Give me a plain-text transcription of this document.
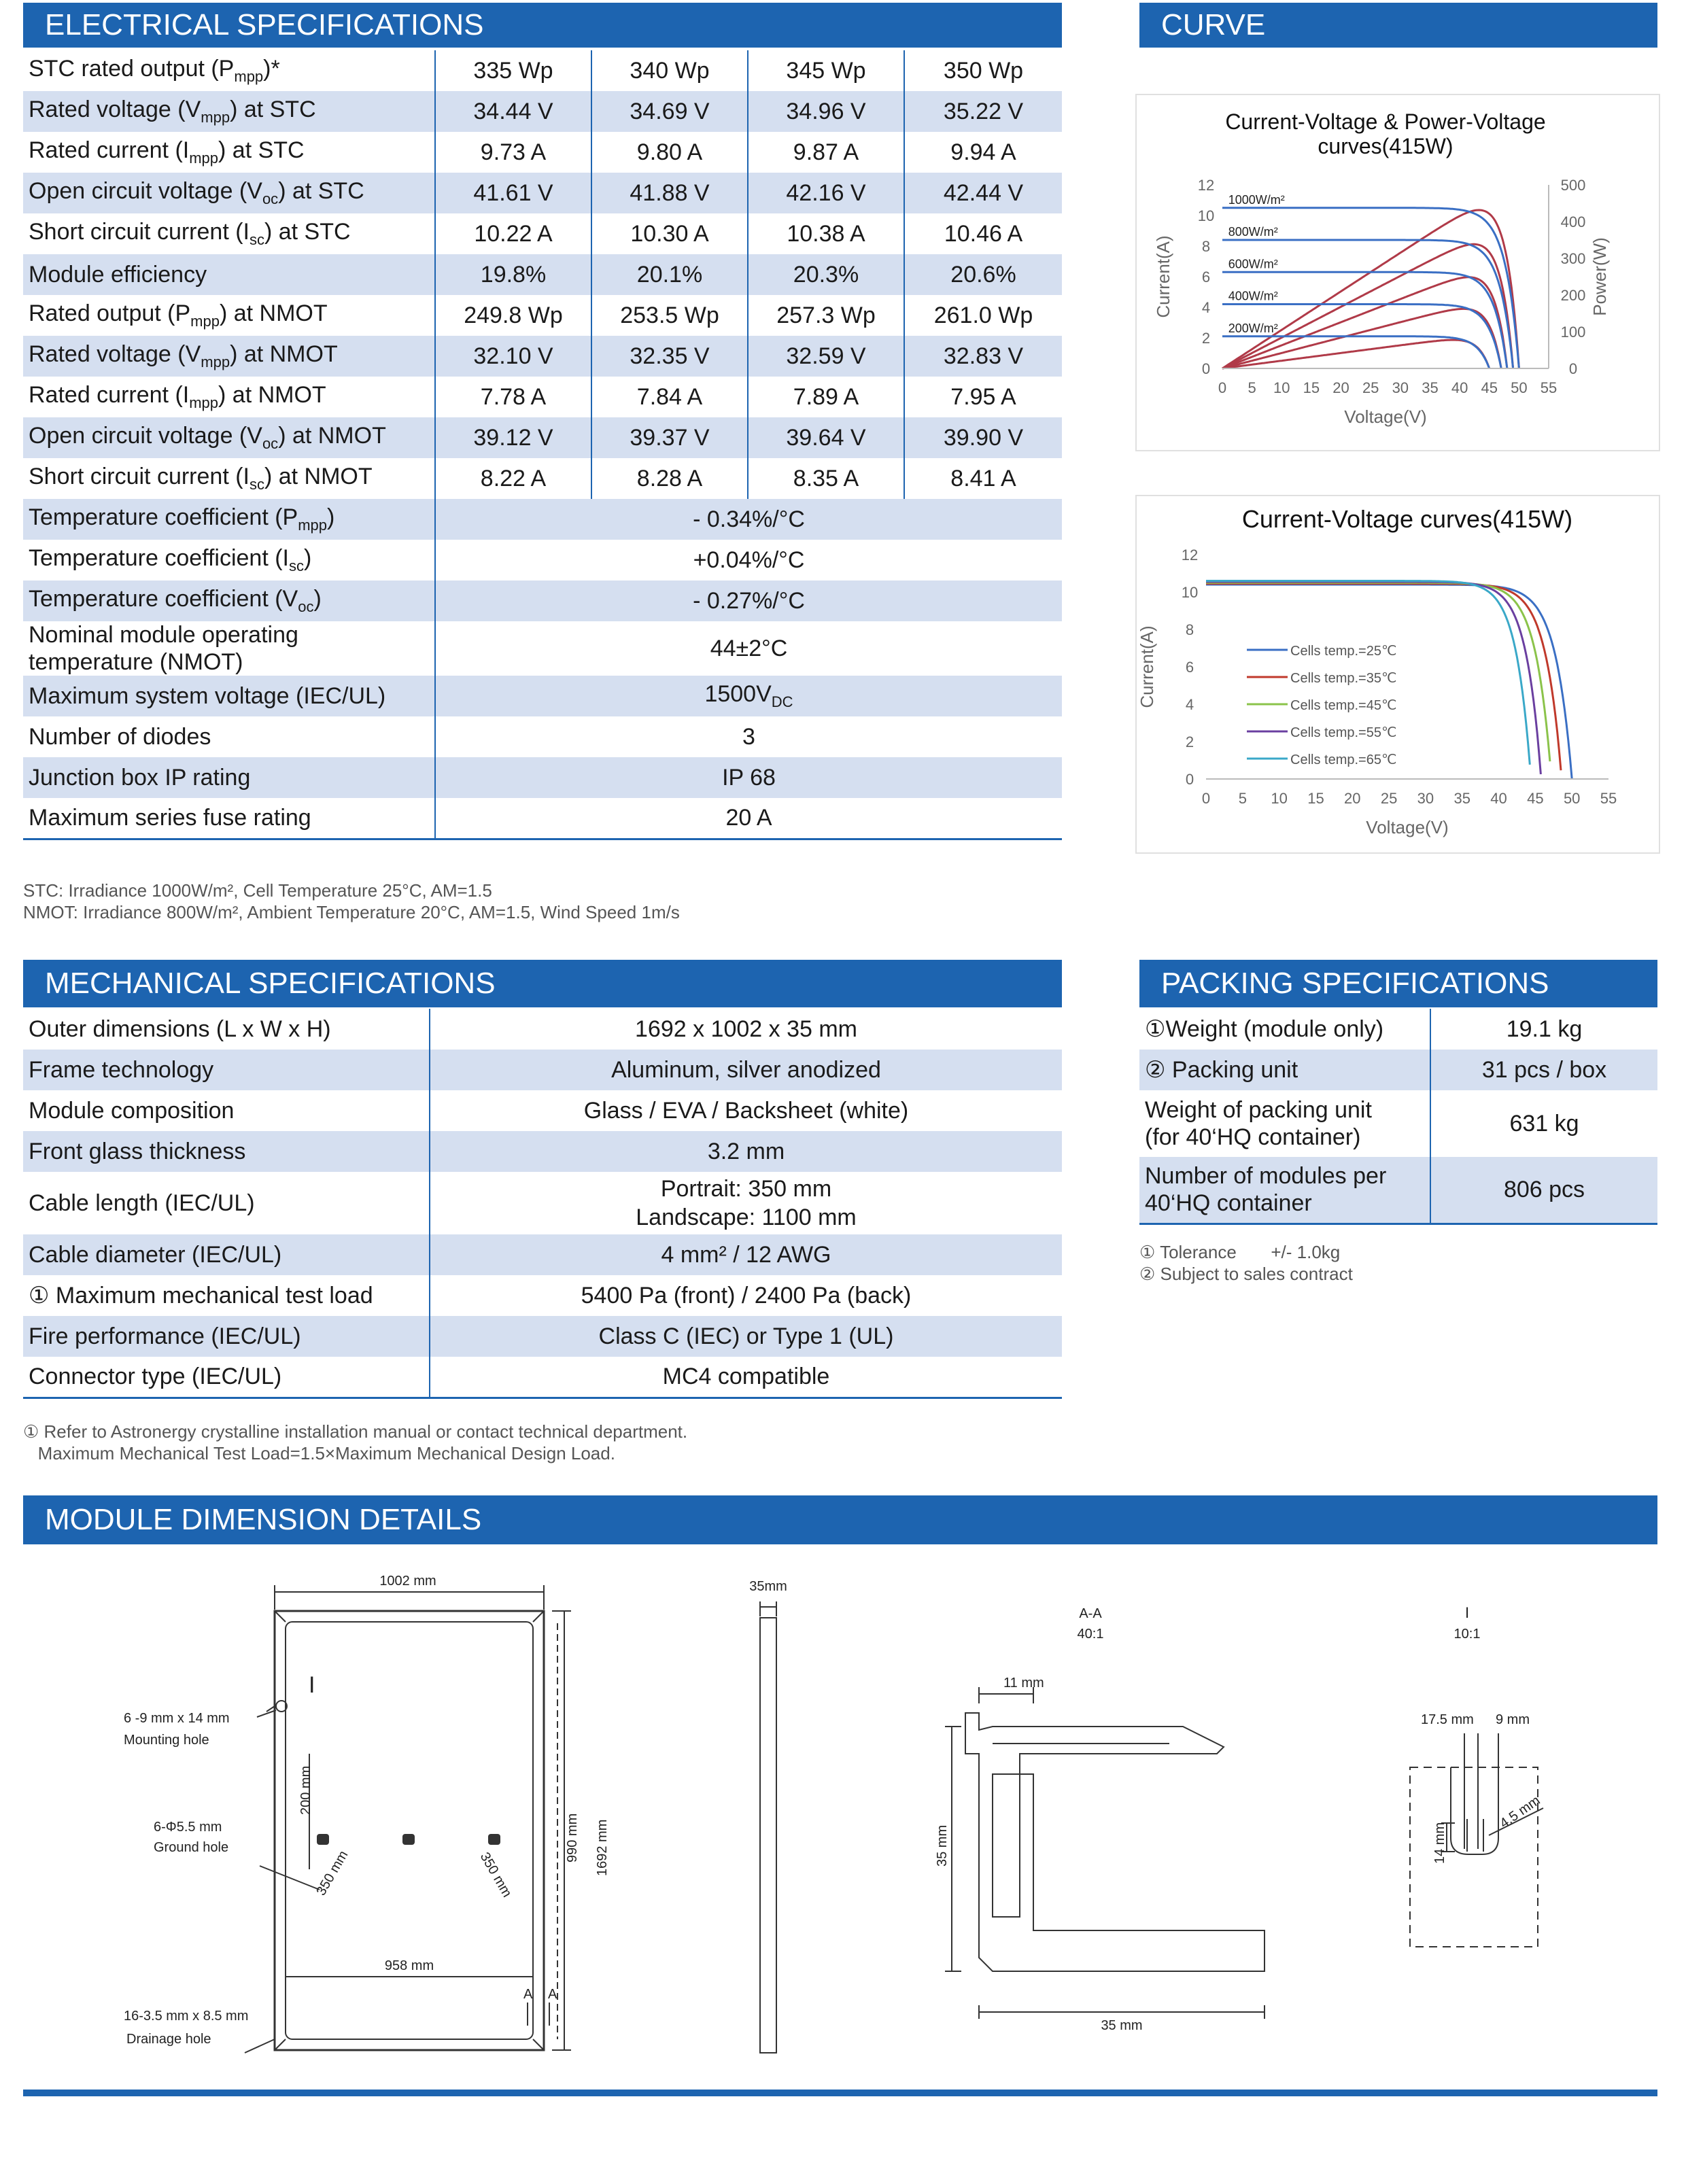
ELECTRICAL SPECIFICATIONS
STC rated output $(P_{mpp})*$	335 Wp	340 Wp	345 Wp	350 Wp
Rated voltage $(V_{mpp})$ at STC	34.44 V	34.69 V	34.96 V	35.22 V
Rated current $(I_{mpp})$ at STC	9.73 A	9.80 A	9.87 A	9.94 A
Open circuit voltage $(V_{oc})$ at STC	41.61 V	41.88 V	42.16 V	42.44 V
Short circuit current $(I_{sc})$ at STC	10.22 A	10.30 A	10.38 A	10.46 A
Module efficiency	19.8%	20.1%	20.3%	20.6%
Rated output $(P_{mpp})$ at NMOT	249.8 Wp	253.5 Wp	257.3 Wp	261.0 Wp
Rated voltage $(V_{mpp})$ at NMOT	32.10 V	32.35 V	32.59 V	32.83 V
Rated current $(I_{mpp})$ at NMOT	7.78 A	7.84 A	7.89 A	7.95 A
Open circuit voltage $(V_{oc})$ at NMOT	39.12 V	39.37 V	39.64 V	39.90 V
Short circuit current $(I_{sc})$ at NMOT	8.22 A	8.28 A	8.35 A	8.41 A
Temperature coefficient $(P_{mpp})$	- 0.34%/°C			
Temperature coefficient $(I_{sc})$	+0.04%/°C			
Temperature coefficient $(V_{oc})$	- 0.27%/°C			
Nominal module operating
temperature (NMOT)	44±2°C			
Maximum system voltage (IEC/UL)	$1500V_{DC}$
Number of diodes	3			
Junction box IP rating	IP 68			
Maximum series fuse rating	20 A			
STC: Irradiance 1000W/m², Cell Temperature 25°C, AM=1.5
NMOT: Irradiance 800W/m², Ambient Temperature 20°C, AM=1.5, Wind Speed 1m/s
CURVE
Current-Voltage & Power-Voltage
curves(415W)
0 5 10 15 20 25 30 35 40 45 50 55
0
2
4
6
8
10
12
Voltage(V)
Current(A)
0
100
200
300
400
500
Power(W)
1000W/m²
800W/m²
600W/m²
400W/m²
200W/m²
Current-Voltage curves(415W)
0 5 10 15 20 25 30 35 40 45 50 55
0
2
4
6
8
10
12
Voltage(V)
Current(A)	Cells temp.=25℃
Cells temp.=35℃
Cells temp.=45℃
Cells temp.=55℃
Cells temp.=65℃
MECHANICAL SPECIFICATIONS
Outer dimensions (L x W x H)	1692 x 1002 x 35 mm
Frame technology	Aluminum, silver anodized
Module composition	Glass / EVA / Backsheet (white)
Front glass thickness	3.2 mm
Cable length (IEC/UL)	Portrait: 350 mm
Landscape: 1100 mm
Cable diameter (IEC/UL)	4 mm² / 12 AWG
① Maximum mechanical test load	5400 Pa (front) / 2400 Pa (back)
Fire performance (IEC/UL)	Class C (IEC) or Type 1 (UL)
Connector type (IEC/UL)	MC4 compatible
① Refer to Astronergy crystalline installation manual or contact technical department.
Maximum Mechanical Test Load=1.5×Maximum Mechanical Design Load.
PACKING SPECIFICATIONS
①Weight (module only)	19.1 kg
② Packing unit	31 pcs / box
Weight of packing unit
(for 40‘HQ container)	631 kg
Number of modules per
40‘HQ container	806 pcs
① Tolerance       +/- 1.0kg
② Subject to sales contract
MODULE DIMENSION DETAILS
1002 mm
I
6 -9 mm x 14 mm
Mounting hole
200 mm
6-Φ5.5 mm
Ground hole
350 mm	350 mm
990 mm 1692 mm
958 mm
16-3.5 mm x 8.5 mm
Drainage hole
A A
35mm
A-A
40:1
11 mm
35 mm
35 mm
I
10:1
17.5 mm 9 mm
14 mm
4.5 mm
